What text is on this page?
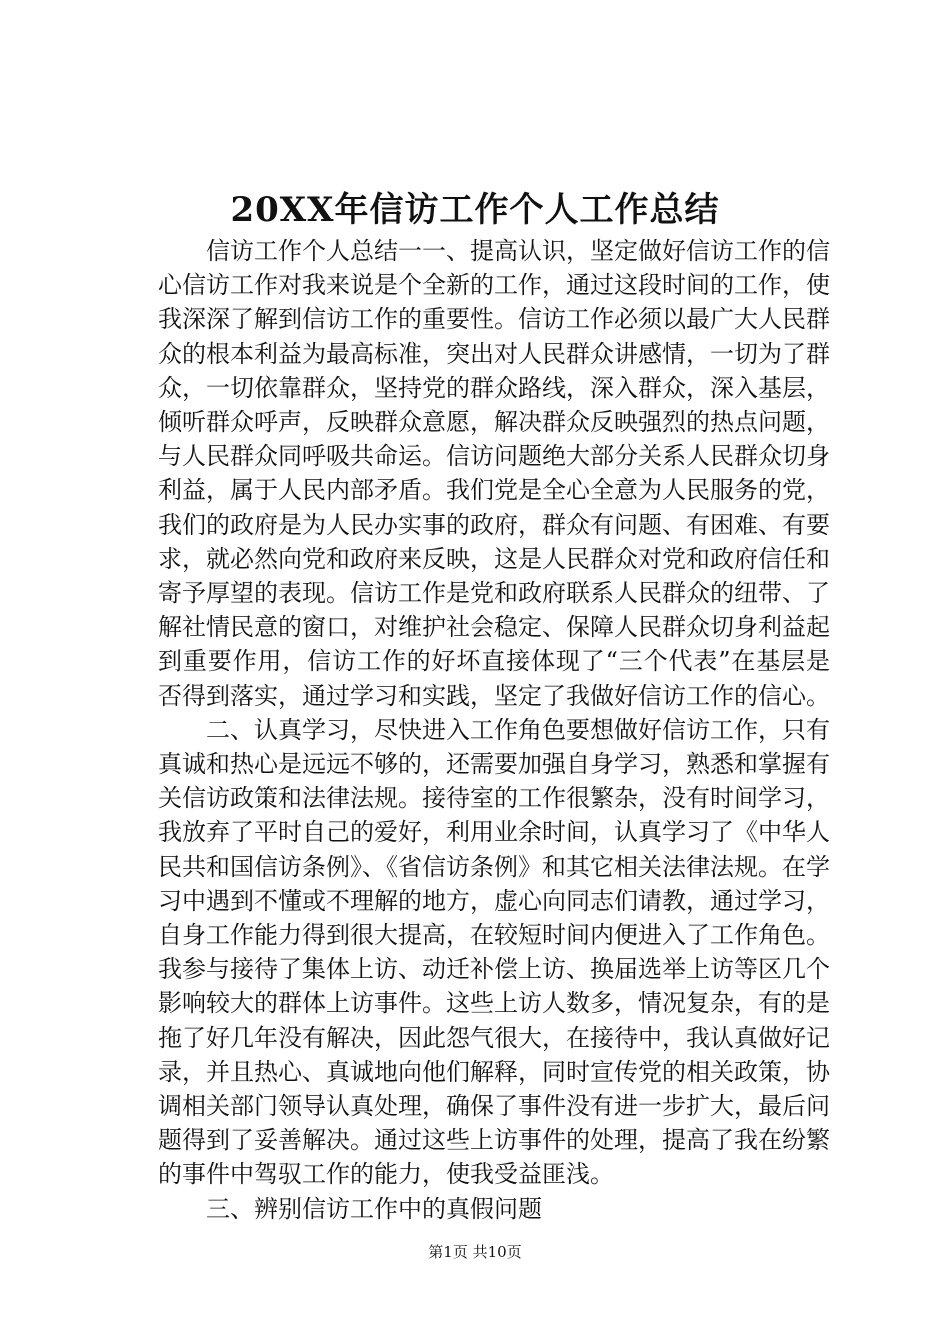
20XX年信访工作个人工作总结

信访工作个人总结一一、提高认识，坚定做好信访工作的信心信访工作对我来说是个全新的工作，通过这段时间的工作，使我深深了解到信访工作的重要性。信访工作必须以最广大人民群众的根本利益为最高标准，突出对人民群众讲感情，一切为了群众，一切依靠群众，坚持党的群众路线，深入群众，深入基层，倾听群众呼声，反映群众意愿，解决群众反映强烈的热点问题，与人民群众同呼吸共命运。信访问题绝大部分关系人民群众切身利益，属于人民内部矛盾。我们党是全心全意为人民服务的党，我们的政府是为人民办实事的政府，群众有问题、有困难、有要求，就必然向党和政府来反映，这是人民群众对党和政府信任和寄予厚望的表现。信访工作是党和政府联系人民群众的纽带、了解社情民意的窗口，对维护社会稳定、保障人民群众切身利益起到重要作用，信访工作的好坏直接体现了“三个代表”在基层是否得到落实，通过学习和实践，坚定了我做好信访工作的信心。

二、认真学习，尽快进入工作角色要想做好信访工作，只有真诚和热心是远远不够的，还需要加强自身学习，熟悉和掌握有关信访政策和法律法规。接待室的工作很繁杂，没有时间学习，我放弃了平时自己的爱好，利用业余时间，认真学习了《中华人民共和国信访条例》、《省信访条例》和其它相关法律法规。在学习中遇到不懂或不理解的地方，虚心向同志们请教，通过学习，自身工作能力得到很大提高，在较短时间内便进入了工作角色。我参与接待了集体上访、动迁补偿上访、换届选举上访等区几个影响较大的群体上访事件。这些上访人数多，情况复杂，有的是拖了好几年没有解决，因此怨气很大，在接待中，我认真做好记录，并且热心、真诚地向他们解释，同时宣传党的相关政策，协调相关部门领导认真处理，确保了事件没有进一步扩大，最后问题得到了妥善解决。通过这些上访事件的处理，提高了我在纷繁的事件中驾驭工作的能力，使我受益匪浅。

三、辨别信访工作中的真假问题

第1页 共10页
